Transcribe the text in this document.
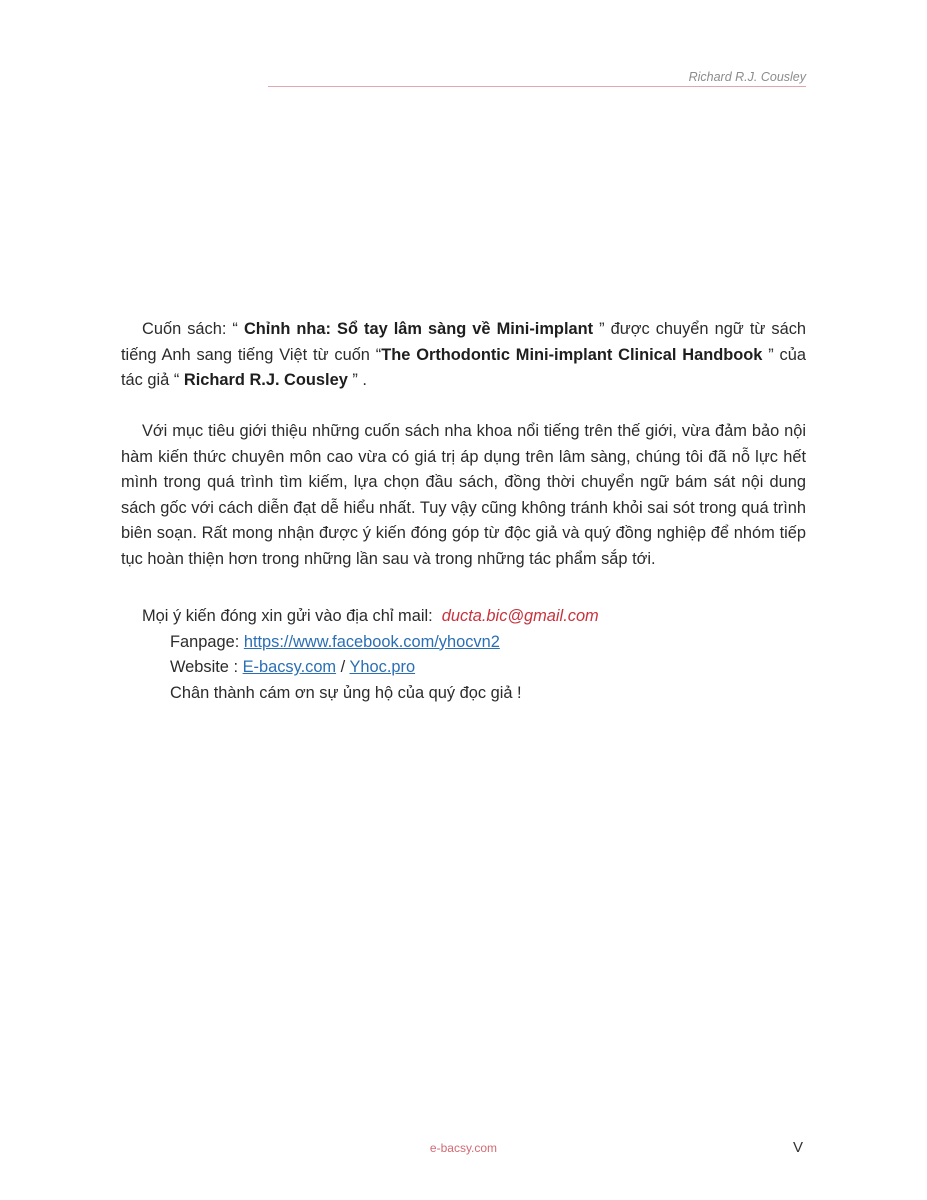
Richard R.J. Cousley
Cuốn sách: “ Chỉnh nha: Sổ tay lâm sàng về Mini-implant ” được chuyển ngữ từ sách tiếng Anh sang tiếng Việt từ cuốn “The Orthodontic Mini-implant Clinical Handbook ” của tác giả “ Richard R.J. Cousley ” .
Với mục tiêu giới thiệu những cuốn sách nha khoa nổi tiếng trên thế giới, vừa đảm bảo nội hàm kiến thức chuyên môn cao vừa có giá trị áp dụng trên lâm sàng, chúng tôi đã nỗ lực hết mình trong quá trình tìm kiếm, lựa chọn đầu sách, đồng thời chuyển ngữ bám sát nội dung sách gốc với cách diễn đạt dễ hiểu nhất. Tuy vậy cũng không tránh khỏi sai sót trong quá trình biên soạn. Rất mong nhận được ý kiến đóng góp từ độc giả và quý đồng nghiệp để nhóm tiếp tục hoàn thiện hơn trong những lần sau và trong những tác phẩm sắp tới.
Mọi ý kiến đóng xin gửi vào địa chỉ mail: ducta.bic@gmail.com
Fanpage: https://www.facebook.com/yhocvn2
Website : E-bacsy.com / Yhoc.pro
Chân thành cám ơn sự ủng hộ của quý đọc giả !
e-bacsy.com	V
